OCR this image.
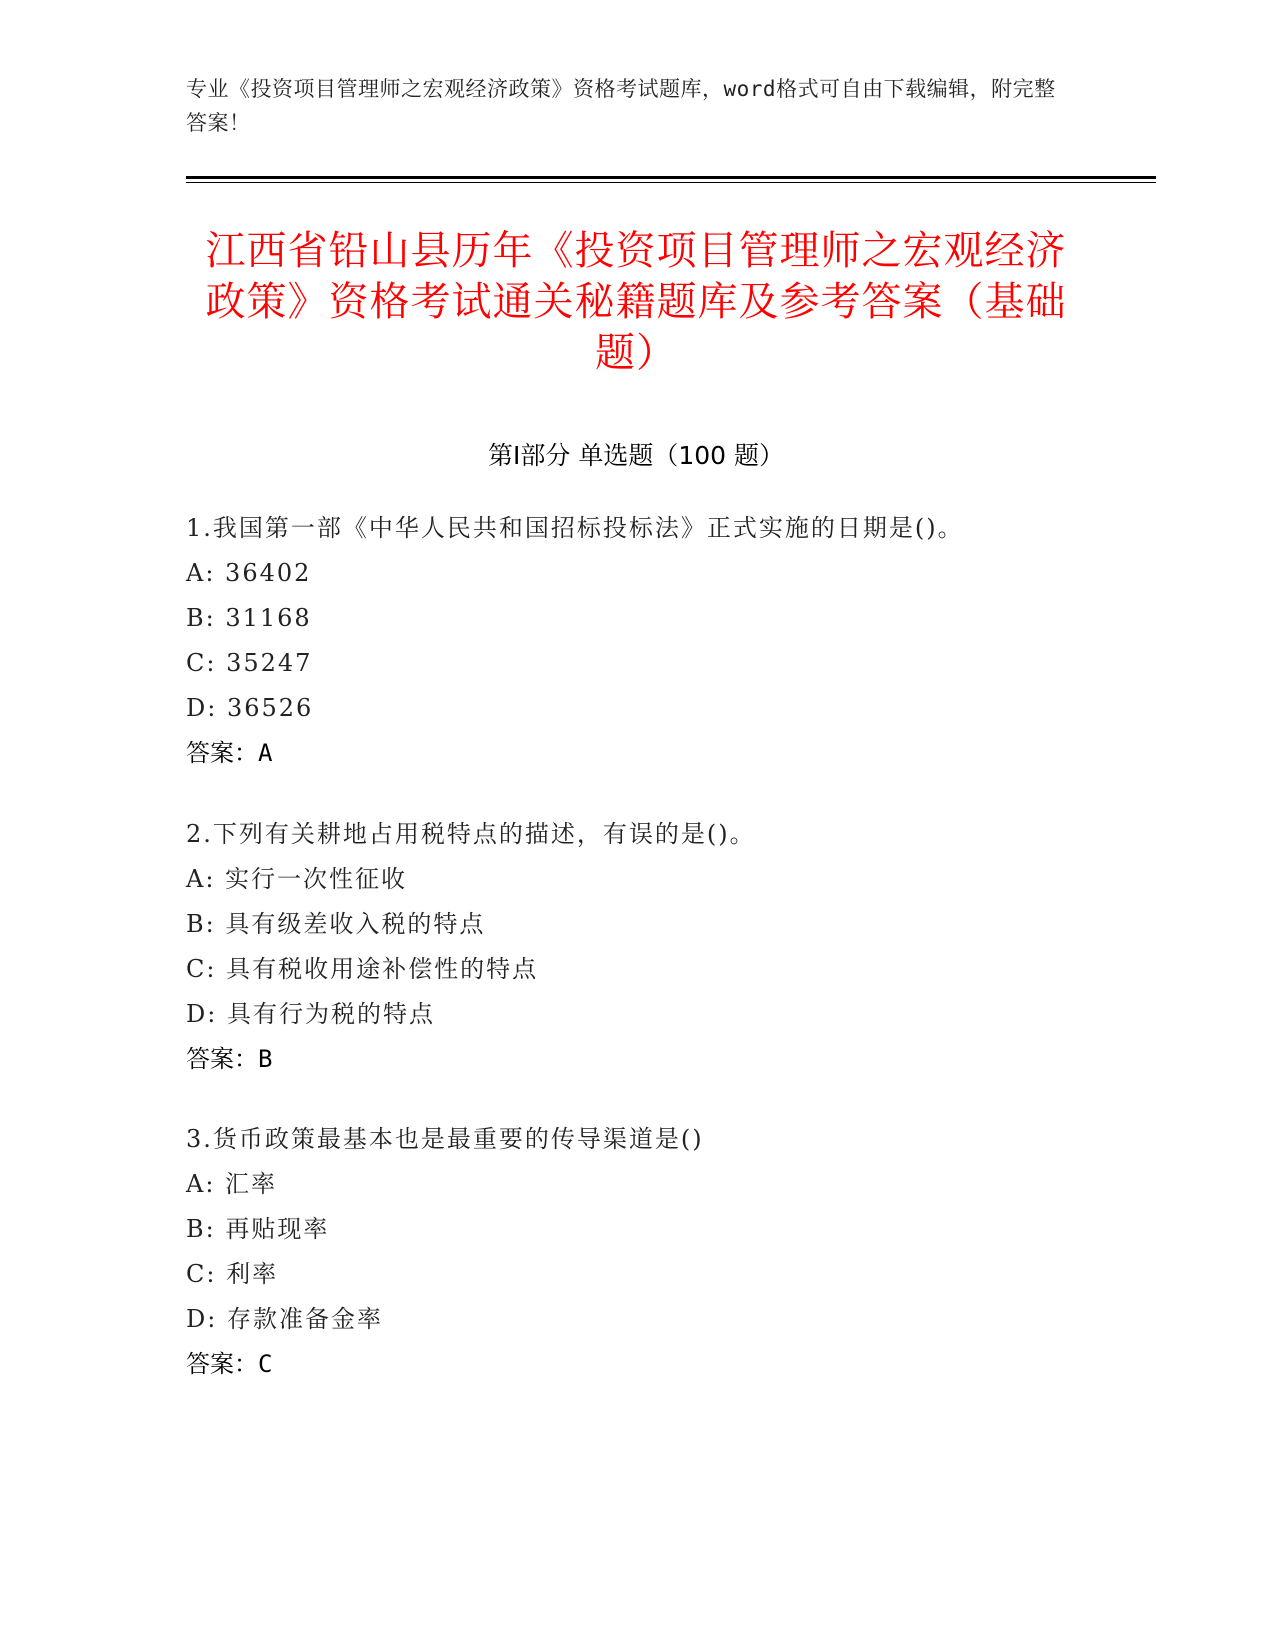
专业《投资项目管理师之宏观经济政策》资格考试题库，word格式可自由下载编辑，附完整答案！
江西省铅山县历年《投资项目管理师之宏观经济政策》资格考试通关秘籍题库及参考答案（基础题）
第Ⅰ部分 单选题（100 题）
1.我国第一部《中华人民共和国招标投标法》正式实施的日期是()。
A: 36402
B: 31168
C: 35247
D: 36526
答案：A
2.下列有关耕地占用税特点的描述，有误的是()。
A: 实行一次性征收
B: 具有级差收入税的特点
C: 具有税收用途补偿性的特点
D: 具有行为税的特点
答案：B
3.货币政策最基本也是最重要的传导渠道是()
A: 汇率
B: 再贴现率
C: 利率
D: 存款准备金率
答案：C
